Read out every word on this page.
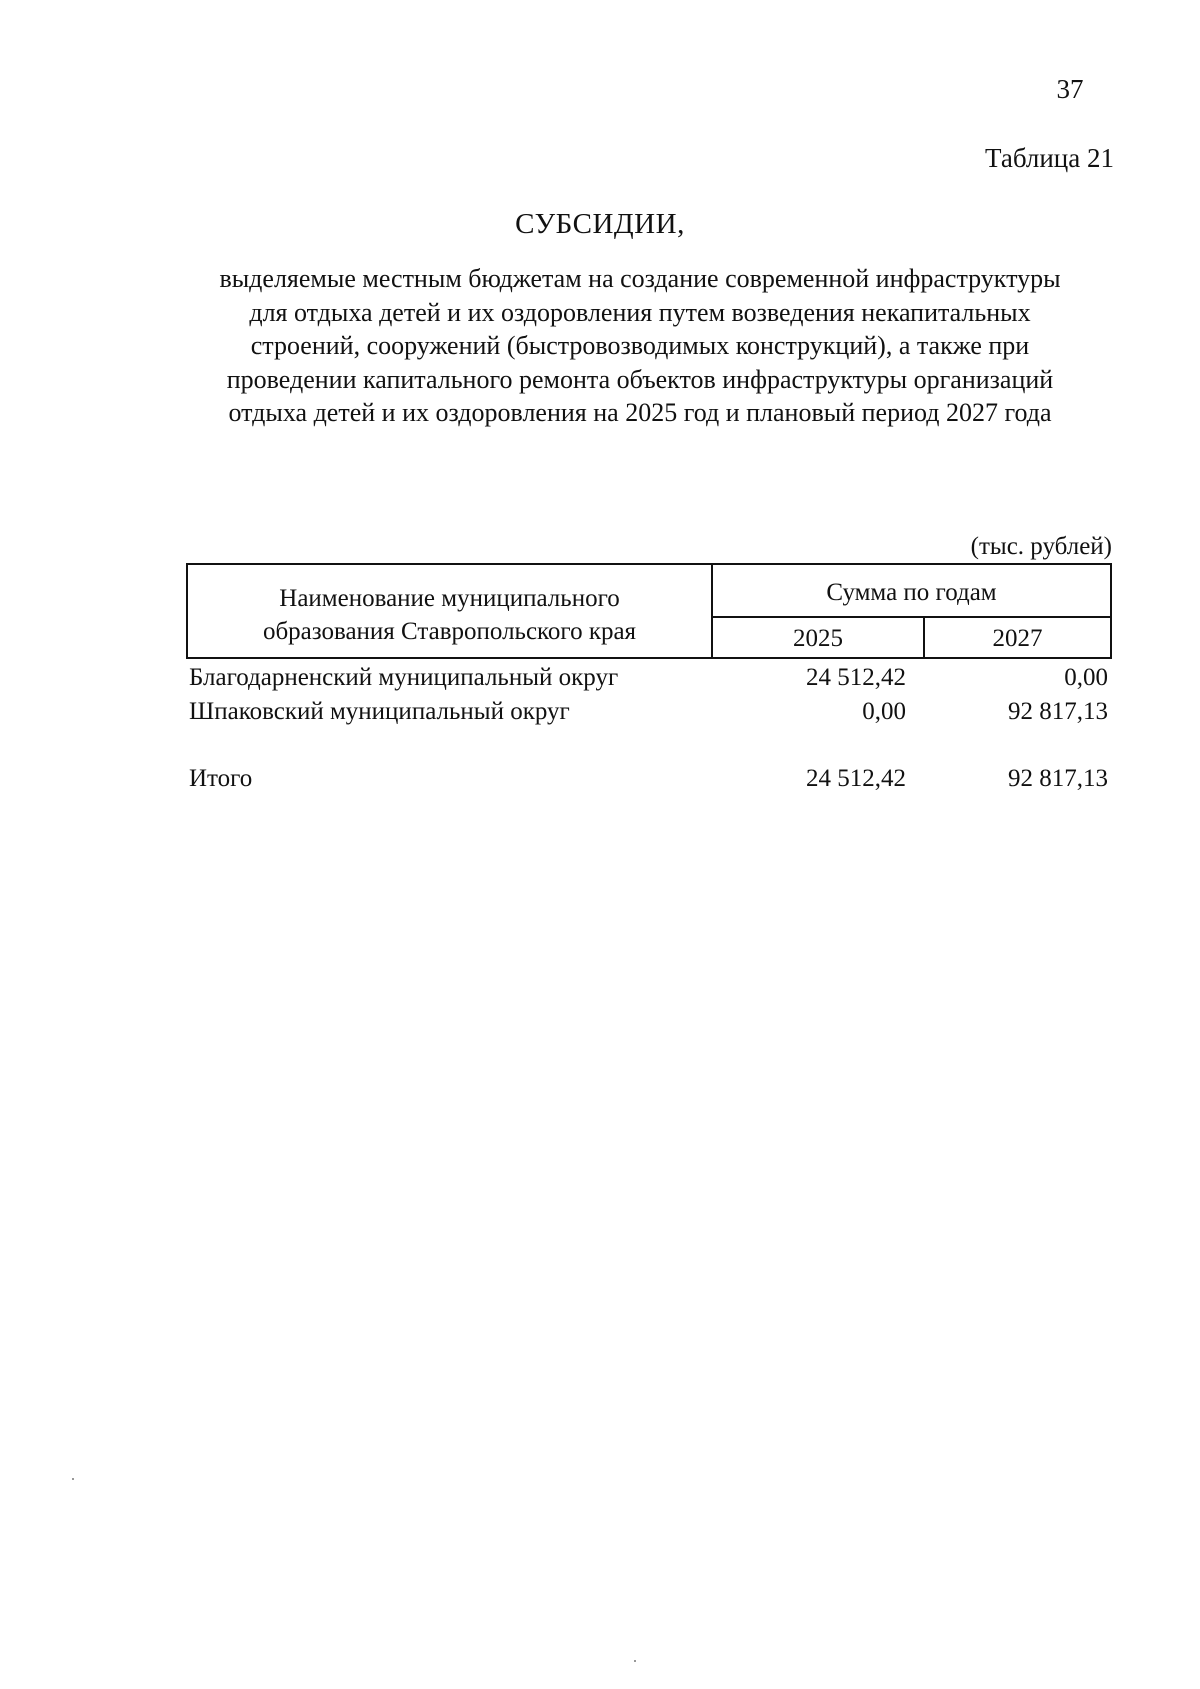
37
Таблица 21
СУБСИДИИ,

выделяемые местным бюджетам на создание современной инфраструктуры
для отдыха детей и их оздоровления путем возведения некапитальных
строений, сооружений (быстровозводимых конструкций), а также при
проведении капитального ремонта объектов инфраструктуры организаций
отдыха детей и их оздоровления на 2025 год и плановый период 2027 года

(тыс. рублей)
Наименование муниципального
образования Ставропольского края
Сумма по годам
2025	2027
Благодарненский муниципальный округ	24 512,42	0,00
Шпаковский муниципальный округ	0,00	92 817,13
Итого	24 512,42	92 817,13
